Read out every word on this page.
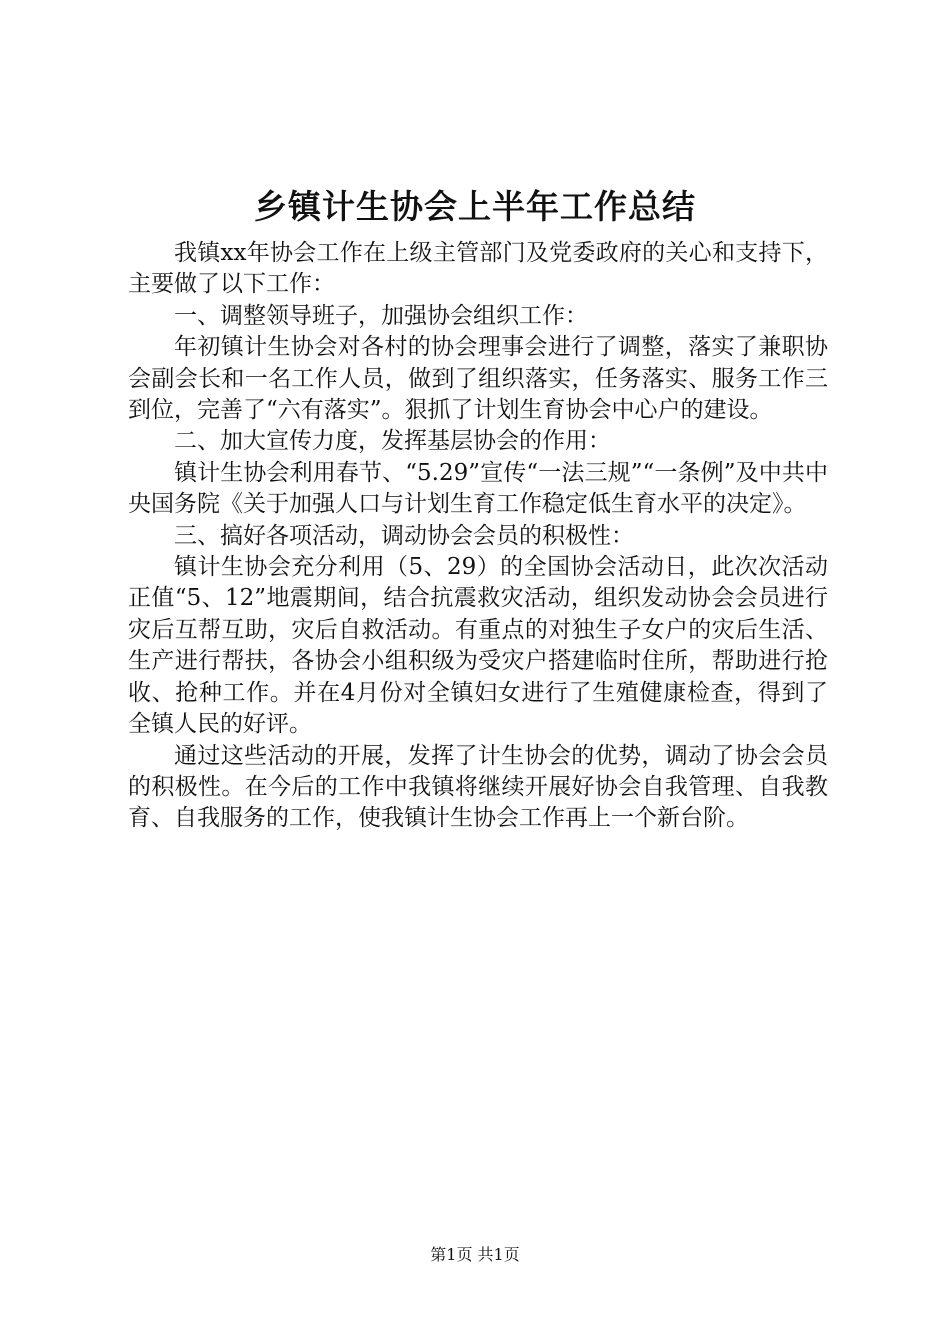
乡镇计生协会上半年工作总结

我镇xx年协会工作在上级主管部门及党委政府的关心和支持下，主要做了以下工作：

一、调整领导班子，加强协会组织工作：

年初镇计生协会对各村的协会理事会进行了调整，落实了兼职协会副会长和一名工作人员，做到了组织落实，任务落实、服务工作三到位，完善了“六有落实”。狠抓了计划生育协会中心户的建设。

二、加大宣传力度，发挥基层协会的作用：

镇计生协会利用春节、“5.29”宣传“一法三规”“一条例”及中共中央国务院《关于加强人口与计划生育工作稳定低生育水平的决定》。

三、搞好各项活动，调动协会会员的积极性：

镇计生协会充分利用（5、29）的全国协会活动日，此次次活动正值“5、12”地震期间，结合抗震救灾活动，组织发动协会会员进行灾后互帮互助，灾后自救活动。有重点的对独生子女户的灾后生活、生产进行帮扶，各协会小组积级为受灾户搭建临时住所，帮助进行抢收、抢种工作。并在4月份对全镇妇女进行了生殖健康检查，得到了全镇人民的好评。

通过这些活动的开展，发挥了计生协会的优势，调动了协会会员的积极性。在今后的工作中我镇将继续开展好协会自我管理、自我教育、自我服务的工作，使我镇计生协会工作再上一个新台阶。

第1页 共1页
